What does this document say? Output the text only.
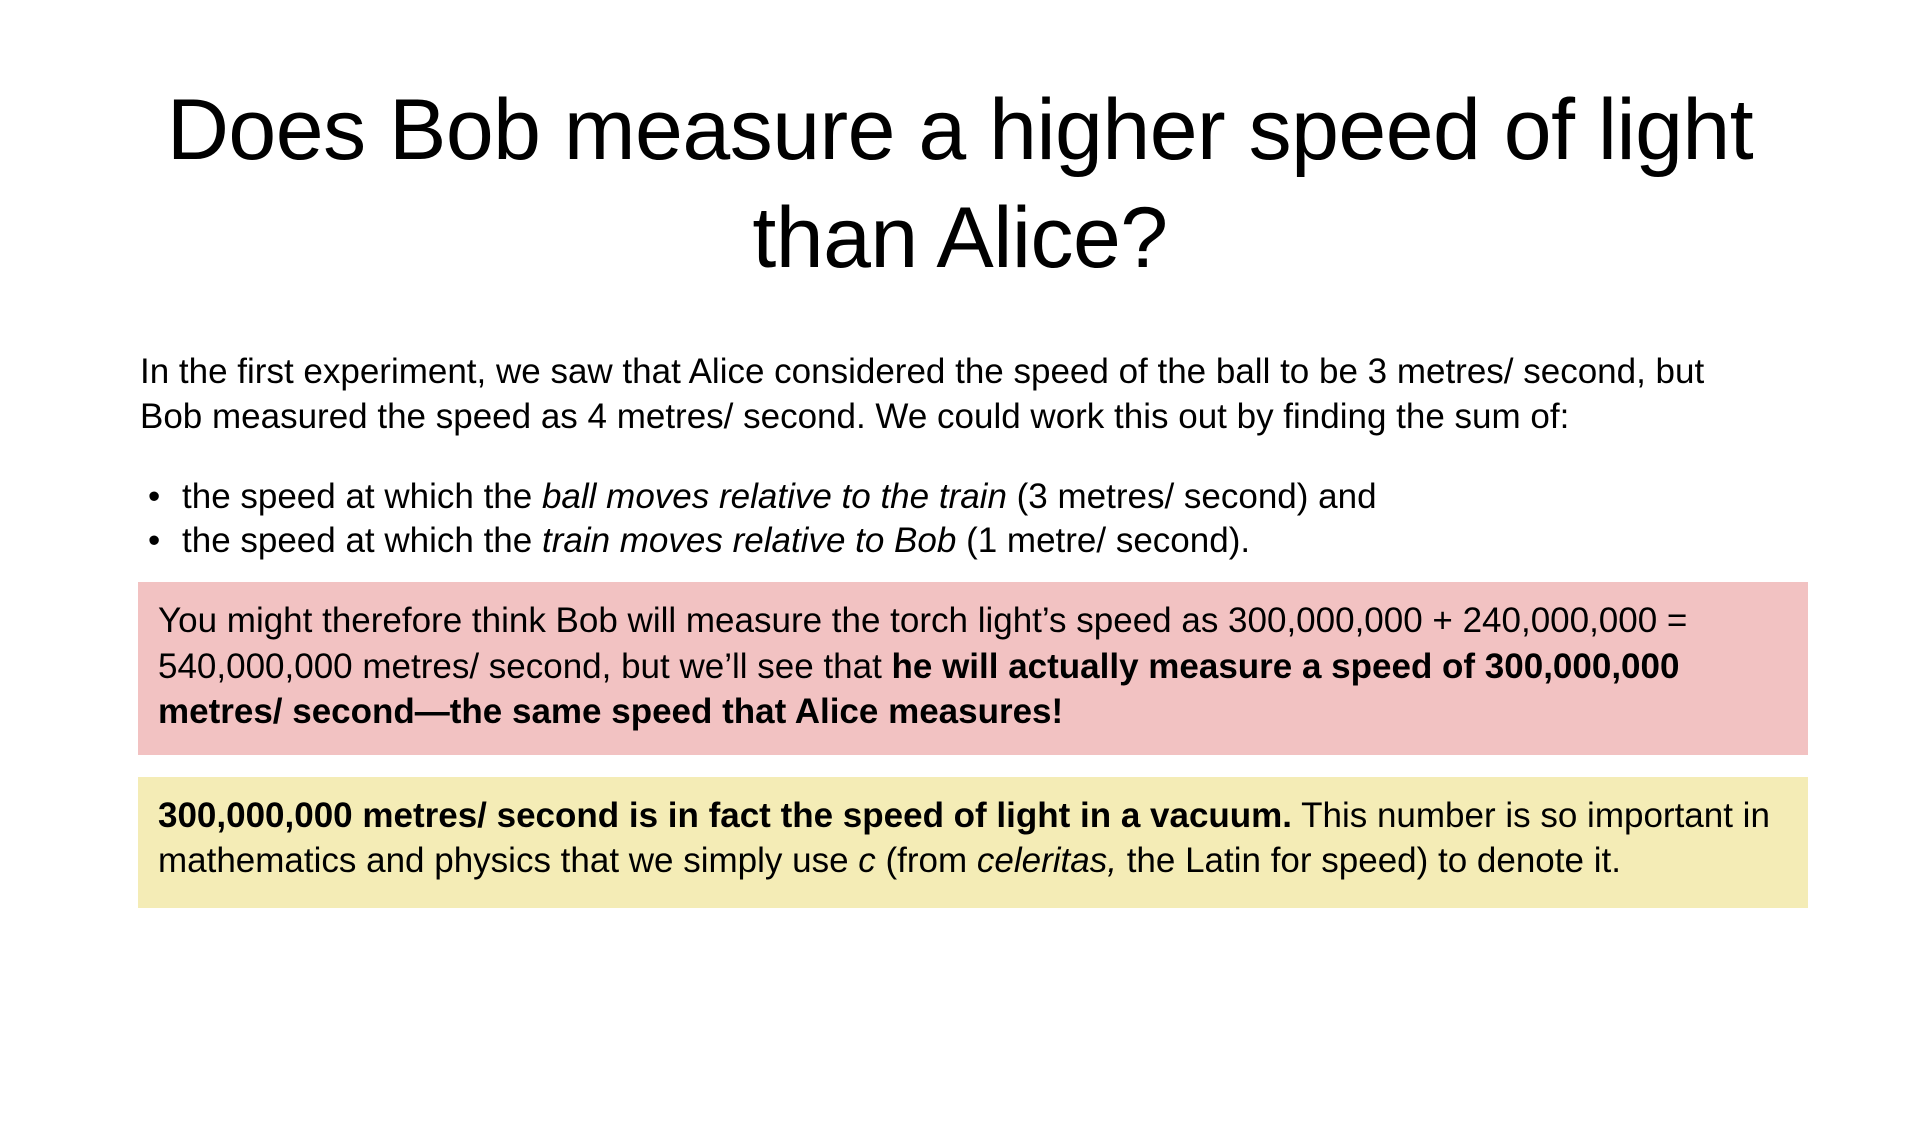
Does Bob measure a higher speed of light than Alice?

In the first experiment, we saw that Alice considered the speed of the ball to be 3 metres/ second, but Bob measured the speed as 4 metres/ second. We could work this out by finding the sum of:

• the speed at which the ball moves relative to the train (3 metres/ second) and
• the speed at which the train moves relative to Bob (1 metre/ second).
You might therefore think Bob will measure the torch light’s speed as 300,000,000 + 240,000,000 = 540,000,000 metres/ second, but we’ll see that he will actually measure a speed of 300,000,000 metres/ second—the same speed that Alice measures!
300,000,000 metres/ second is in fact the speed of light in a vacuum. This number is so important in mathematics and physics that we simply use c (from celeritas, the Latin for speed) to denote it.
